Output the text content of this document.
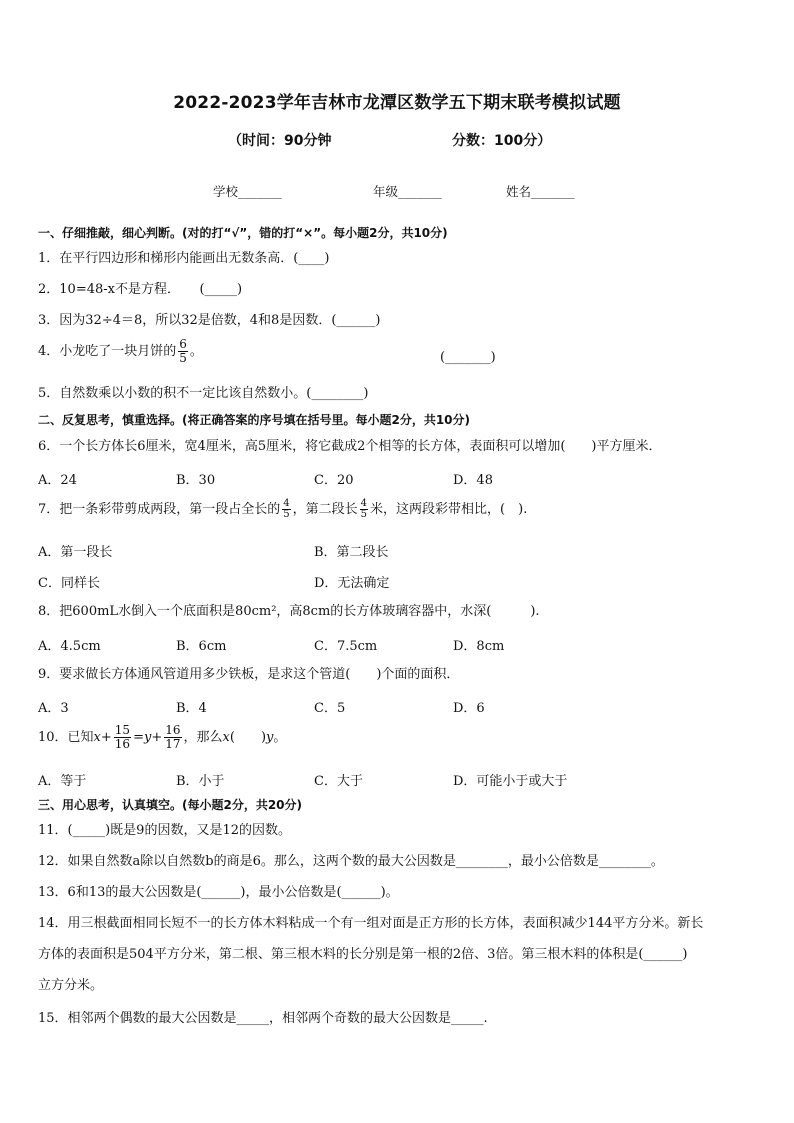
2022-2023学年吉林市龙潭区数学五下期末联考模拟试题
（时间：90分钟	分数：100分）
学校_______	年级_______	姓名_______
一、仔细推敲，细心判断。(对的打“√”，错的打“×”。每小题2分，共10分)
1．在平行四边形和梯形内能画出无数条高．(____)
2．10=48-x不是方程．　　(_____)
3．因为32÷4＝8，所以32是倍数，4和8是因数．(______)
4．小龙吃了一块月饼的 $\frac{6}{5}$ 。	(_______)
5．自然数乘以小数的积不一定比该自然数小。(________)
二、反复思考，慎重选择。(将正确答案的序号填在括号里。每小题2分，共10分)
6．一个长方体长6厘米，宽4厘米，高5厘米，将它截成2个相等的长方体，表面积可以增加(　　)平方厘米．
A．24	B．30	C．20	D．48
7．把一条彩带剪成两段，第一段占全长的 $\frac{4}{5}$ ，第二段长 $\frac{4}{5}$ 米，这两段彩带相比，(　).
A．第一段长	B．第二段长
C．同样长	D．无法确定
8．把600mL水倒入一个底面积是80cm²，高8cm的长方体玻璃容器中，水深(　　　).
A．4.5cm	B．6cm	C．7.5cm	D．8cm
9．要求做长方体通风管道用多少铁板，是求这个管道(　　)个面的面积．
A．3	B．4	C．5	D．6
10．已知$x+ \frac{15}{16} =y+ \frac{16}{17}$ ，那么x(　　)y。
A．等于	B．小于	C．大于	D．可能小于或大于
三、用心思考，认真填空。(每小题2分，共20分)
11．(_____)既是9的因数，又是12的因数。
12．如果自然数a除以自然数b的商是6。那么，这两个数的最大公因数是________，最小公倍数是________。
13．6和13的最大公因数是(______)，最小公倍数是(______)。
14．用三根截面相同长短不一的长方体木料粘成一个有一组对面是正方形的长方体，表面积减少144平方分米。新长
方体的表面积是504平方分米，第二根、第三根木料的长分别是第一根的2倍、3倍。第三根木料的体积是(______)
立方分米。
15．相邻两个偶数的最大公因数是_____，相邻两个奇数的最大公因数是_____.
